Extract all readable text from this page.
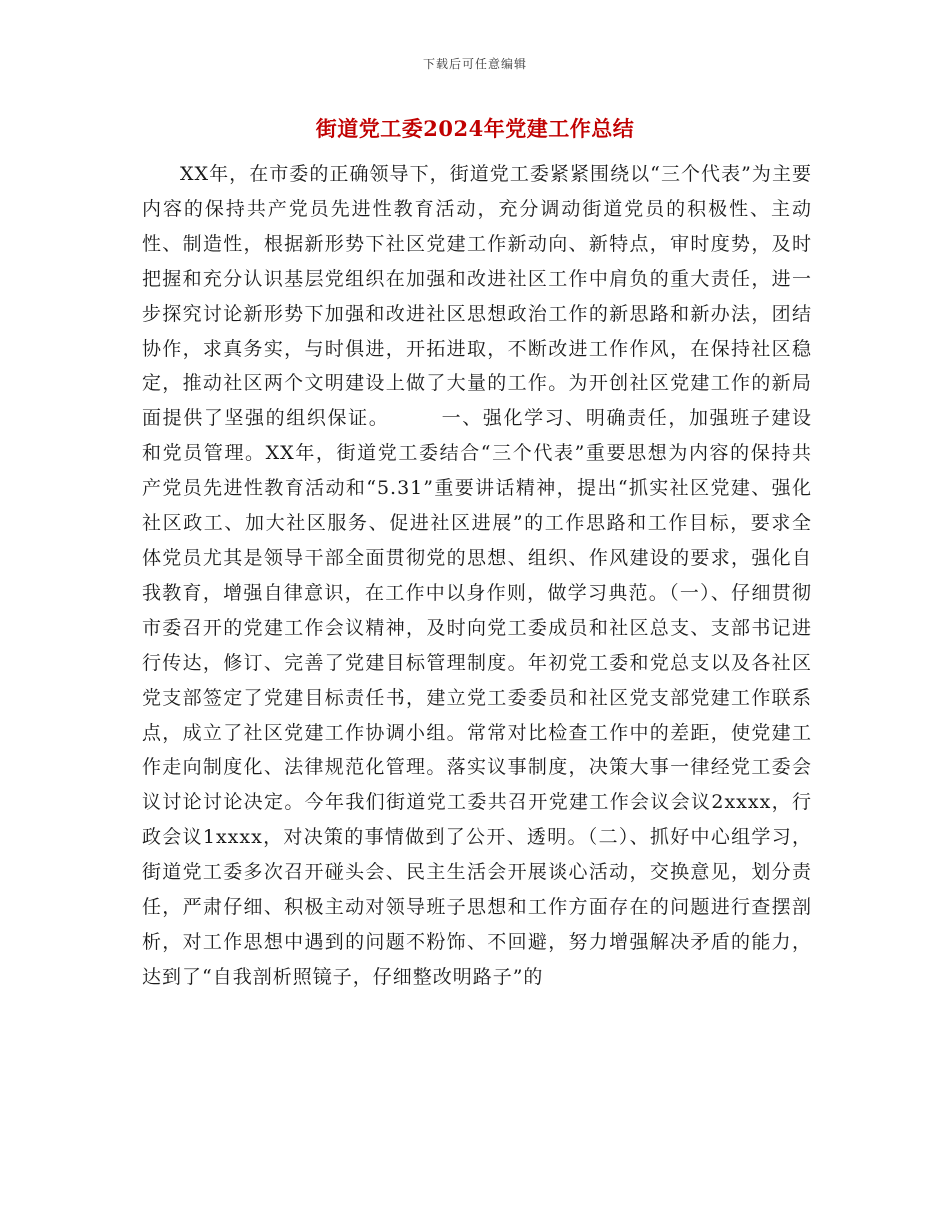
下载后可任意编辑
街道党工委2024年党建工作总结
XX年，在市委的正确领导下，街道党工委紧紧围绕以“三个代表”为主要内容的保持共产党员先进性教育活动，充分调动街道党员的积极性、主动性、制造性，根据新形势下社区党建工作新动向、新特点，审时度势，及时把握和充分认识基层党组织在加强和改进社区工作中肩负的重大责任，进一步探究讨论新形势下加强和改进社区思想政治工作的新思路和新办法，团结协作，求真务实，与时俱进，开拓进取，不断改进工作作风，在保持社区稳定，推动社区两个文明建设上做了大量的工作。为开创社区党建工作的新局面提供了坚强的组织保证。　　　一、强化学习、明确责任，加强班子建设和党员管理。XX年，街道党工委结合“三个代表”重要思想为内容的保持共产党员先进性教育活动和“5.31”重要讲话精神，提出“抓实社区党建、强化社区政工、加大社区服务、促进社区进展”的工作思路和工作目标，要求全体党员尤其是领导干部全面贯彻党的思想、组织、作风建设的要求，强化自我教育，增强自律意识，在工作中以身作则，做学习典范。（一）、仔细贯彻市委召开的党建工作会议精神，及时向党工委成员和社区总支、支部书记进行传达，修订、完善了党建目标管理制度。年初党工委和党总支以及各社区党支部签定了党建目标责任书，建立党工委委员和社区党支部党建工作联系点，成立了社区党建工作协调小组。常常对比检查工作中的差距，使党建工作走向制度化、法律规范化管理。落实议事制度，决策大事一律经党工委会议讨论讨论决定。今年我们街道党工委共召开党建工作会议会议2xxxx，行政会议1xxxx，对决策的事情做到了公开、透明。（二）、抓好中心组学习，街道党工委多次召开碰头会、民主生活会开展谈心活动，交换意见，划分责任，严肃仔细、积极主动对领导班子思想和工作方面存在的问题进行查摆剖析，对工作思想中遇到的问题不粉饰、不回避，努力增强解决矛盾的能力，达到了“自我剖析照镜子，仔细整改明路子”的
